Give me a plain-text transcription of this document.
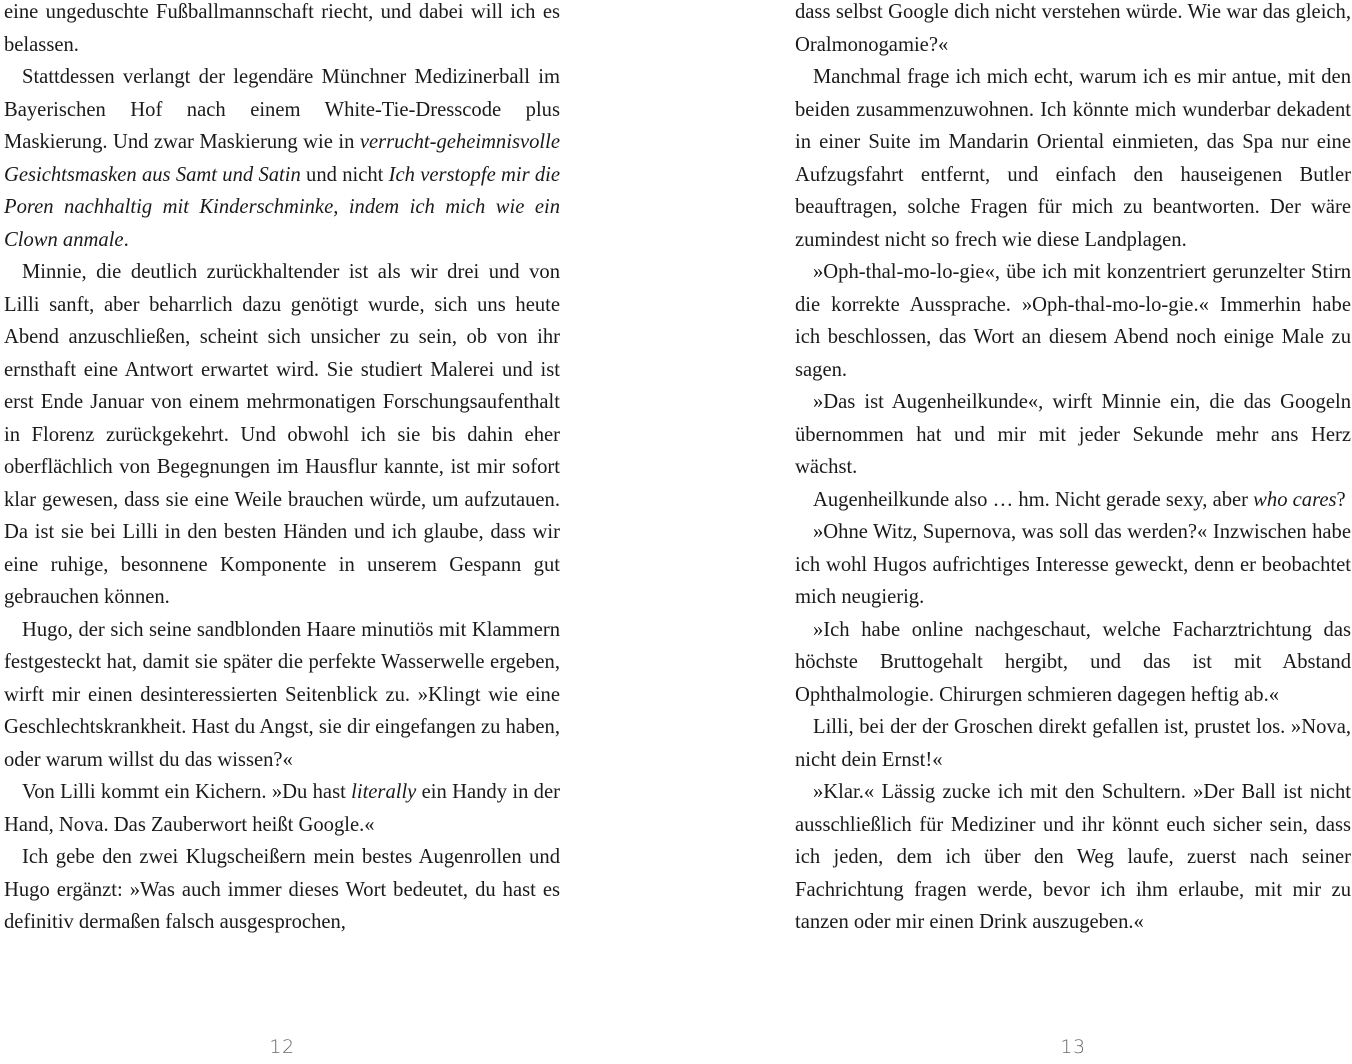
eine ungeduschte Fußballmannschaft riecht, und dabei will ich es belassen.

Stattdessen verlangt der legendäre Münchner Medizinerball im Bayerischen Hof nach einem White-Tie-Dresscode plus Maskierung. Und zwar Maskierung wie in verrucht-geheimnisvolle Gesichtsmasken aus Samt und Satin und nicht Ich verstopfe mir die Poren nachhaltig mit Kinderschminke, indem ich mich wie ein Clown anmale.

Minnie, die deutlich zurückhaltender ist als wir drei und von Lilli sanft, aber beharrlich dazu genötigt wurde, sich uns heute Abend anzuschließen, scheint sich unsicher zu sein, ob von ihr ernsthaft eine Antwort erwartet wird. Sie studiert Malerei und ist erst Ende Januar von einem mehrmonatigen Forschungsaufenthalt in Florenz zurückgekehrt. Und obwohl ich sie bis dahin eher oberflächlich von Begegnungen im Hausflur kannte, ist mir sofort klar gewesen, dass sie eine Weile brauchen würde, um aufzutauen. Da ist sie bei Lilli in den besten Händen und ich glaube, dass wir eine ruhige, besonnene Komponente in unserem Gespann gut gebrauchen können.

Hugo, der sich seine sandblonden Haare minutiös mit Klammern festgesteckt hat, damit sie später die perfekte Wasserwelle ergeben, wirft mir einen desinteressierten Seitenblick zu. »Klingt wie eine Geschlechtskrankheit. Hast du Angst, sie dir eingefangen zu haben, oder warum willst du das wissen?«

Von Lilli kommt ein Kichern. »Du hast literally ein Handy in der Hand, Nova. Das Zauberwort heißt Google.«

Ich gebe den zwei Klugscheißern mein bestes Augenrollen und Hugo ergänzt: »Was auch immer dieses Wort bedeutet, du hast es definitiv dermaßen falsch ausgesprochen,

12

dass selbst Google dich nicht verstehen würde. Wie war das gleich, Oralmonogamie?«

Manchmal frage ich mich echt, warum ich es mir antue, mit den beiden zusammenzuwohnen. Ich könnte mich wunderbar dekadent in einer Suite im Mandarin Oriental einmieten, das Spa nur eine Aufzugsfahrt entfernt, und einfach den hauseigenen Butler beauftragen, solche Fragen für mich zu beantworten. Der wäre zumindest nicht so frech wie diese Landplagen.

»Oph-thal-mo-lo-gie«, übe ich mit konzentriert gerunzelter Stirn die korrekte Aussprache. »Oph-thal-mo-lo-gie.« Immerhin habe ich beschlossen, das Wort an diesem Abend noch einige Male zu sagen.

»Das ist Augenheilkunde«, wirft Minnie ein, die das Googeln übernommen hat und mir mit jeder Sekunde mehr ans Herz wächst.

Augenheilkunde also … hm. Nicht gerade sexy, aber who cares?

»Ohne Witz, Supernova, was soll das werden?« Inzwischen habe ich wohl Hugos aufrichtiges Interesse geweckt, denn er beobachtet mich neugierig.

»Ich habe online nachgeschaut, welche Facharztrichtung das höchste Bruttogehalt hergibt, und das ist mit Abstand Ophthalmologie. Chirurgen schmieren dagegen heftig ab.«

Lilli, bei der der Groschen direkt gefallen ist, prustet los. »Nova, nicht dein Ernst!«

»Klar.« Lässig zucke ich mit den Schultern. »Der Ball ist nicht ausschließlich für Mediziner und ihr könnt euch sicher sein, dass ich jeden, dem ich über den Weg laufe, zuerst nach seiner Fachrichtung fragen werde, bevor ich ihm erlaube, mit mir zu tanzen oder mir einen Drink auszugeben.«

13
